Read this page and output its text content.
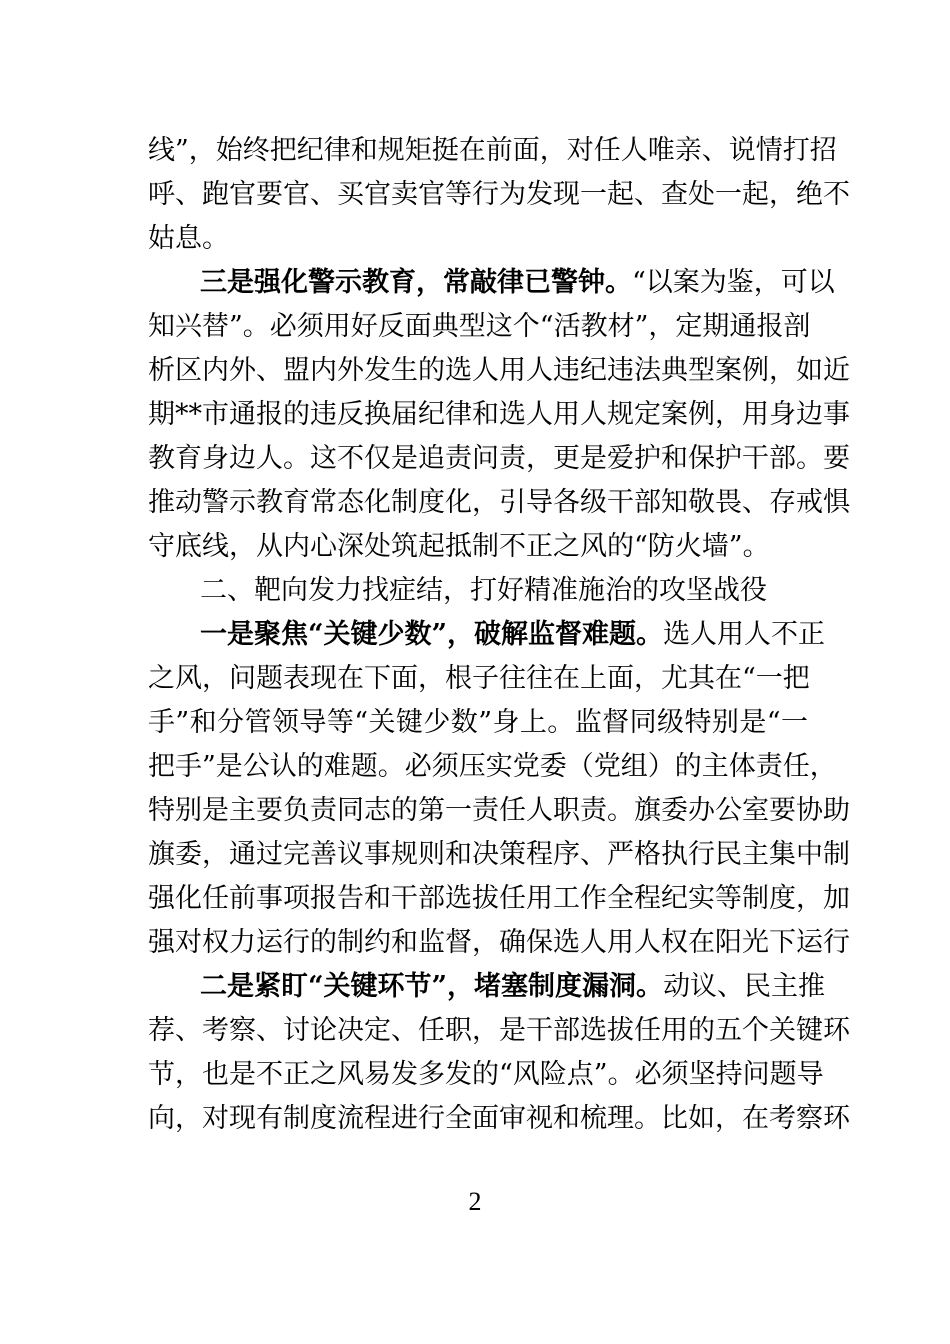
线”，始终把纪律和规矩挺在前面，对任人唯亲、说情打招
呼、跑官要官、买官卖官等行为发现一起、查处一起，绝不
姑息。
三是强化警示教育，常敲律已警钟。“以案为鉴，可以
知兴替”。必须用好反面典型这个“活教材”，定期通报剖
析区内外、盟内外发生的选人用人违纪违法典型案例，如近
期**市通报的违反换届纪律和选人用人规定案例，用身边事
教育身边人。这不仅是追责问责，更是爱护和保护干部。要
推动警示教育常态化制度化，引导各级干部知敬畏、存戒惧
守底线，从内心深处筑起抵制不正之风的“防火墙”。
二、靶向发力找症结，打好精准施治的攻坚战役
一是聚焦“关键少数”，破解监督难题。选人用人不正
之风，问题表现在下面，根子往往在上面，尤其在“一把
手”和分管领导等“关键少数”身上。监督同级特别是“一
把手”是公认的难题。必须压实党委（党组）的主体责任，
特别是主要负责同志的第一责任人职责。旗委办公室要协助
旗委，通过完善议事规则和决策程序、严格执行民主集中制
强化任前事项报告和干部选拔任用工作全程纪实等制度，加
强对权力运行的制约和监督，确保选人用人权在阳光下运行
二是紧盯“关键环节”，堵塞制度漏洞。动议、民主推
荐、考察、讨论决定、任职，是干部选拔任用的五个关键环
节，也是不正之风易发多发的“风险点”。必须坚持问题导
向，对现有制度流程进行全面审视和梳理。比如，在考察环
2
